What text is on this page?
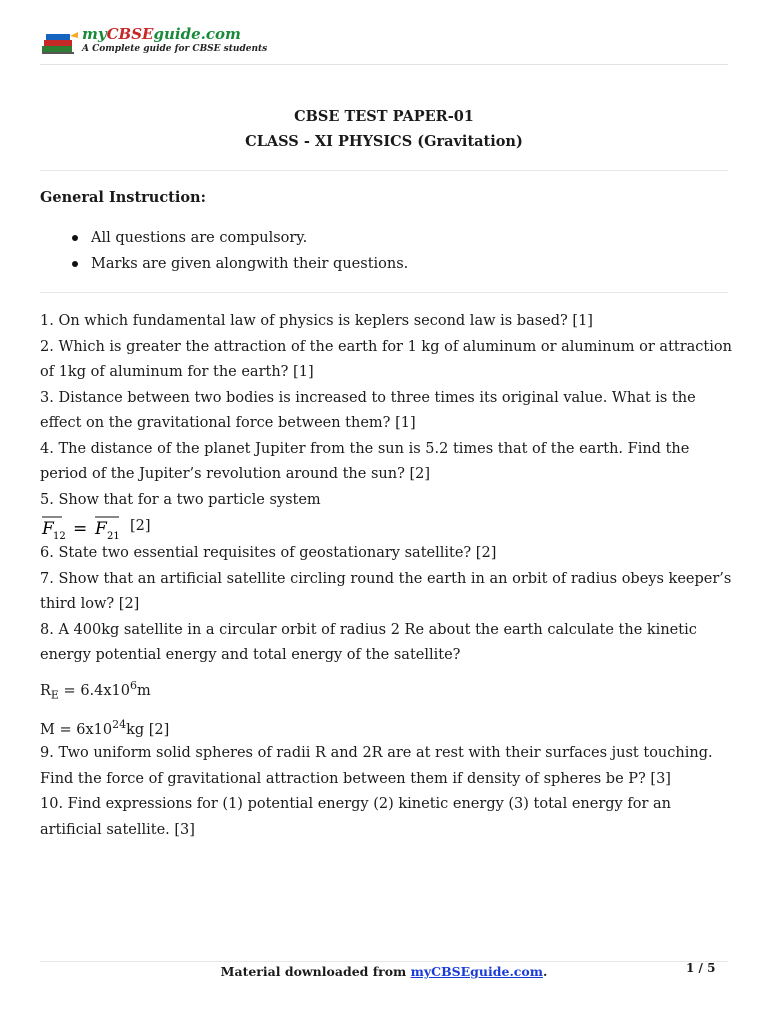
myCBSEguide.com
A Complete guide for CBSE students
CBSE TEST PAPER-01
CLASS - XI PHYSICS (Gravitation)
General Instruction:
All questions are compulsory.
Marks are given alongwith their questions.

1. On which fundamental law of physics is keplers second law is based? [1]

2. Which is greater the attraction of the earth for 1 kg of aluminum or aluminum or attraction of 1kg of aluminum for the earth? [1]

3. Distance between two bodies is increased to three times its original value. What is the effect on the gravitational force between them? [1]

4. The distance of the planet Jupiter from the sun is 5.2 times that of the earth. Find the period of the Jupiter’s revolution around the sun? [2]

5. Show that for a two particle system

F 12 = F 21
[2]

6. State two essential requisites of geostationary satellite? [2]

7. Show that an artificial satellite circling round the earth in an orbit of radius obeys keeper’s third low? [2]

8. A 400kg satellite in a circular orbit of radius 2 Re about the earth calculate the kinetic energy potential energy and total energy of the satellite?

$R_E = 6.4x10^6m$

$M = 6x10^{24}kg$ [2]

9. Two uniform solid spheres of radii R and 2R are at rest with their surfaces just touching. Find the force of gravitational attraction between them if density of spheres be P? [3]

10. Find expressions for (1) potential energy (2) kinetic energy (3) total energy for an artificial satellite. [3]

Material downloaded from myCBSEguide.com.	1 / 5
